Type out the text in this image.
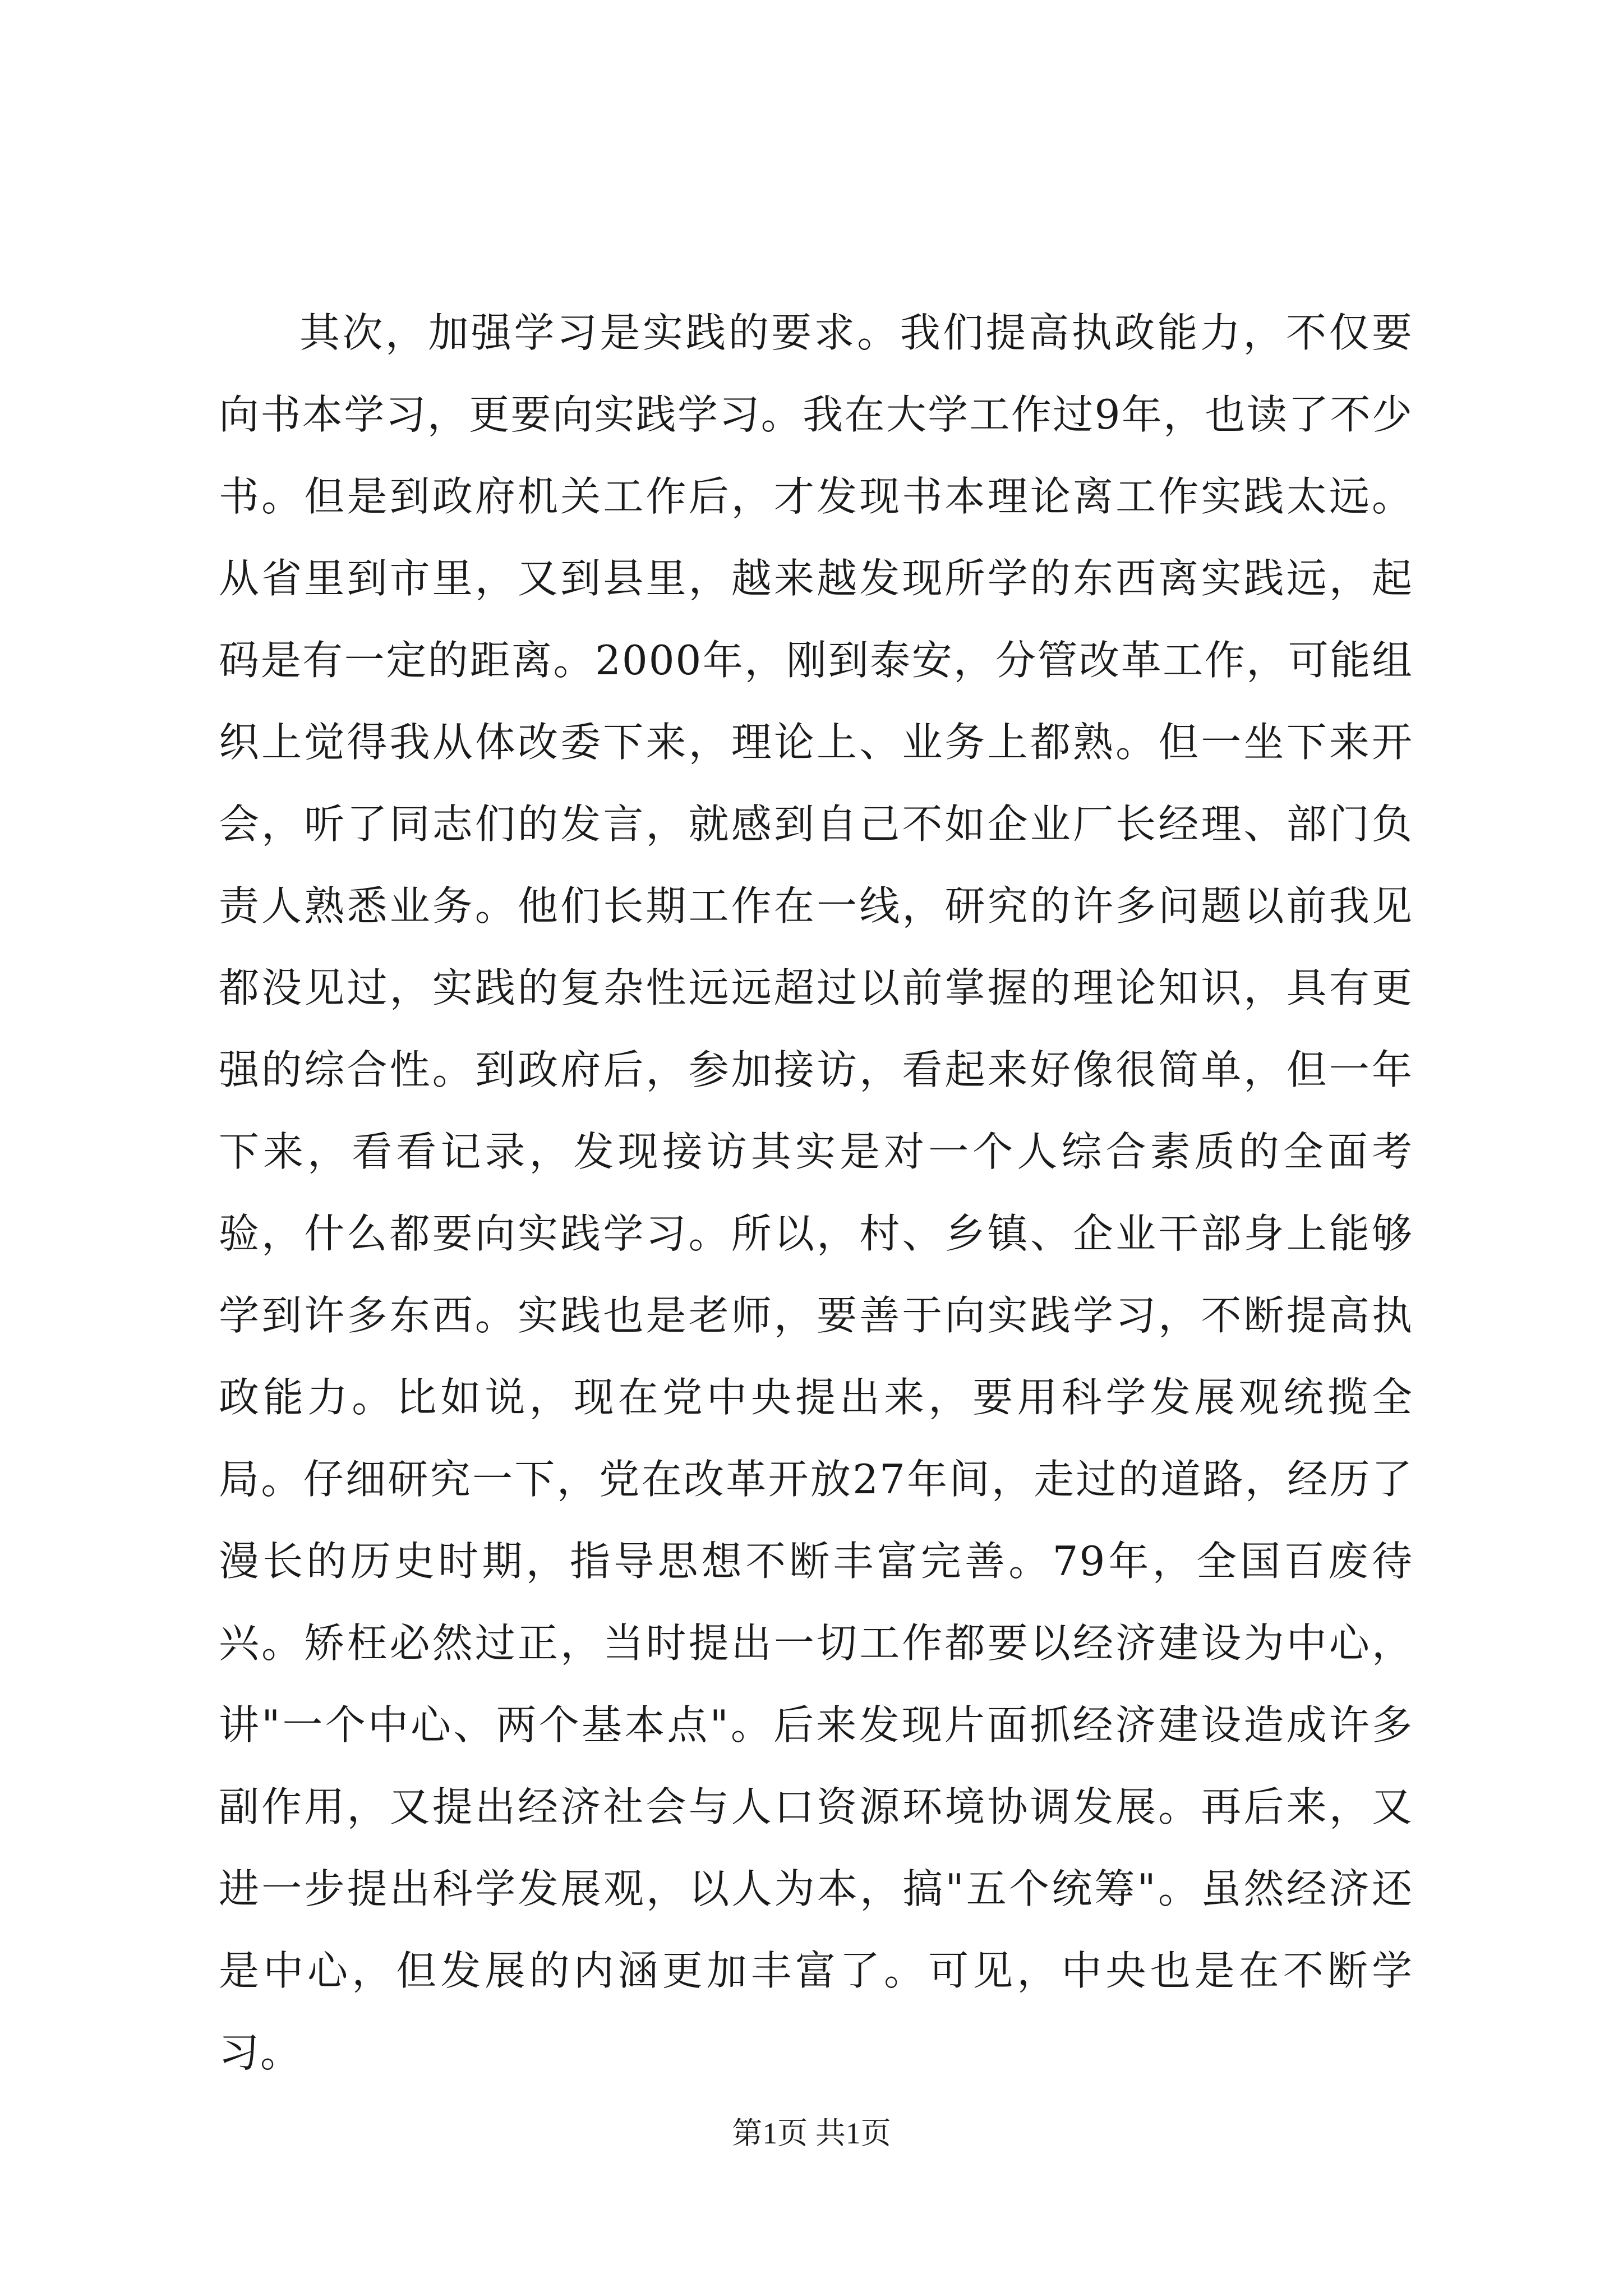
其次，加强学习是实践的要求。我们提高执政能力，不仅要向书本学习，更要向实践学习。我在大学工作过9年，也读了不少书。但是到政府机关工作后，才发现书本理论离工作实践太远。从省里到市里，又到县里，越来越发现所学的东西离实践远，起码是有一定的距离。2000年，刚到泰安，分管改革工作，可能组织上觉得我从体改委下来，理论上、业务上都熟。但一坐下来开会，听了同志们的发言，就感到自己不如企业厂长经理、部门负责人熟悉业务。他们长期工作在一线，研究的许多问题以前我见都没见过，实践的复杂性远远超过以前掌握的理论知识，具有更强的综合性。到政府后，参加接访，看起来好像很简单，但一年下来，看看记录，发现接访其实是对一个人综合素质的全面考验，什么都要向实践学习。所以，村、乡镇、企业干部身上能够学到许多东西。实践也是老师，要善于向实践学习，不断提高执政能力。比如说，现在党中央提出来，要用科学发展观统揽全局。仔细研究一下，党在改革开放27年间，走过的道路，经历了漫长的历史时期，指导思想不断丰富完善。79年，全国百废待兴。矫枉必然过正，当时提出一切工作都要以经济建设为中心，讲"一个中心、两个基本点"。后来发现片面抓经济建设造成许多副作用，又提出经济社会与人口资源环境协调发展。再后来，又进一步提出科学发展观，以人为本，搞"五个统筹"。虽然经济还是中心，但发展的内涵更加丰富了。可见，中央也是在不断学习。

第1页 共1页
